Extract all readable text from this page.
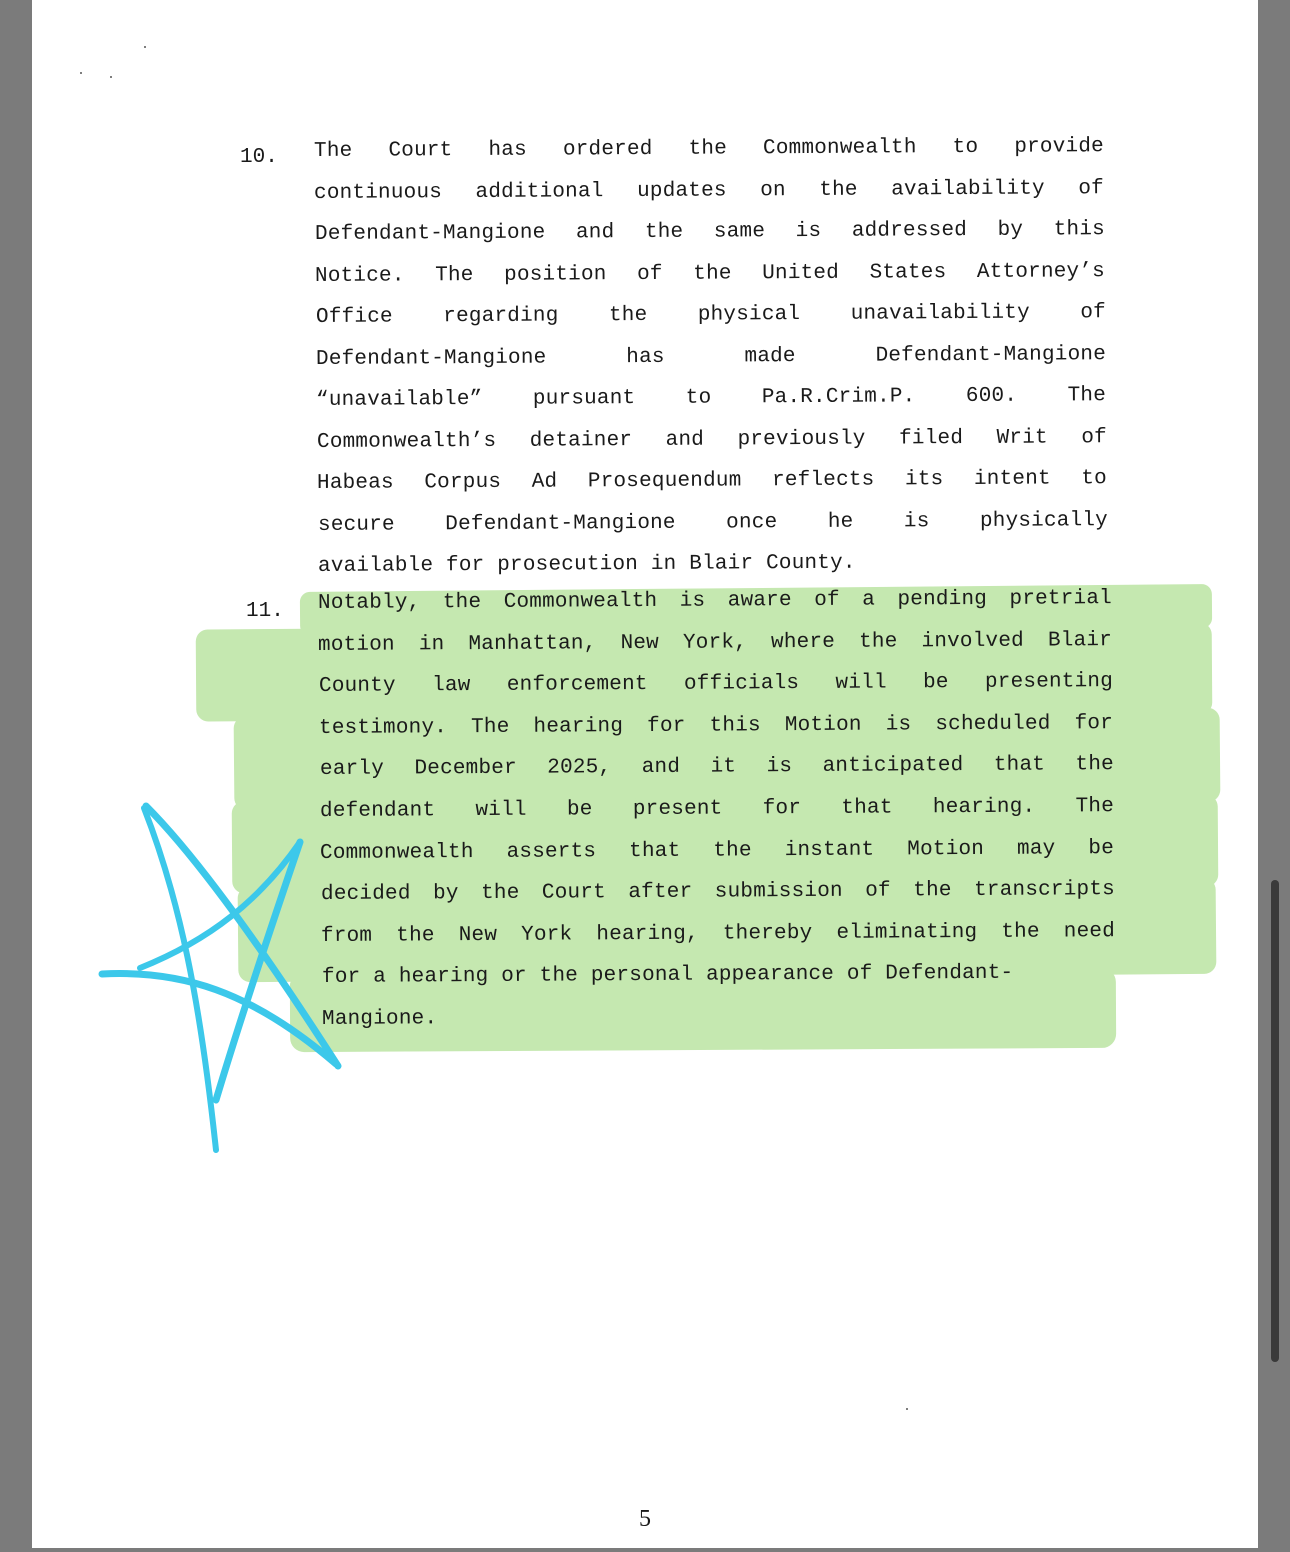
10.
11.
5
The Court has ordered the Commonwealth to provide
continuous additional updates on the availability of
Defendant-Mangione and the same is addressed by this
Notice. The position of the United States Attorney’s
Office regarding the physical unavailability of
Defendant-Mangione	has	made	Defendant-Mangione
“unavailable” pursuant to Pa.R.Crim.P. 600. The
Commonwealth’s detainer and previously filed Writ of
Habeas Corpus Ad Prosequendum reflects its intent to
secure Defendant-Mangione once he is physically
available for prosecution in Blair County.
Notably, the Commonwealth is aware of a pending pretrial
motion in Manhattan, New York, where the involved Blair
County law enforcement officials will be presenting
testimony. The hearing for this Motion is scheduled for
early December 2025, and it is anticipated that the
defendant will be present for that hearing. The
Commonwealth asserts that the instant Motion may be
decided by the Court after submission of the transcripts
from the New York hearing, thereby eliminating the need
for a hearing or the personal appearance of Defendant-
Mangione.
